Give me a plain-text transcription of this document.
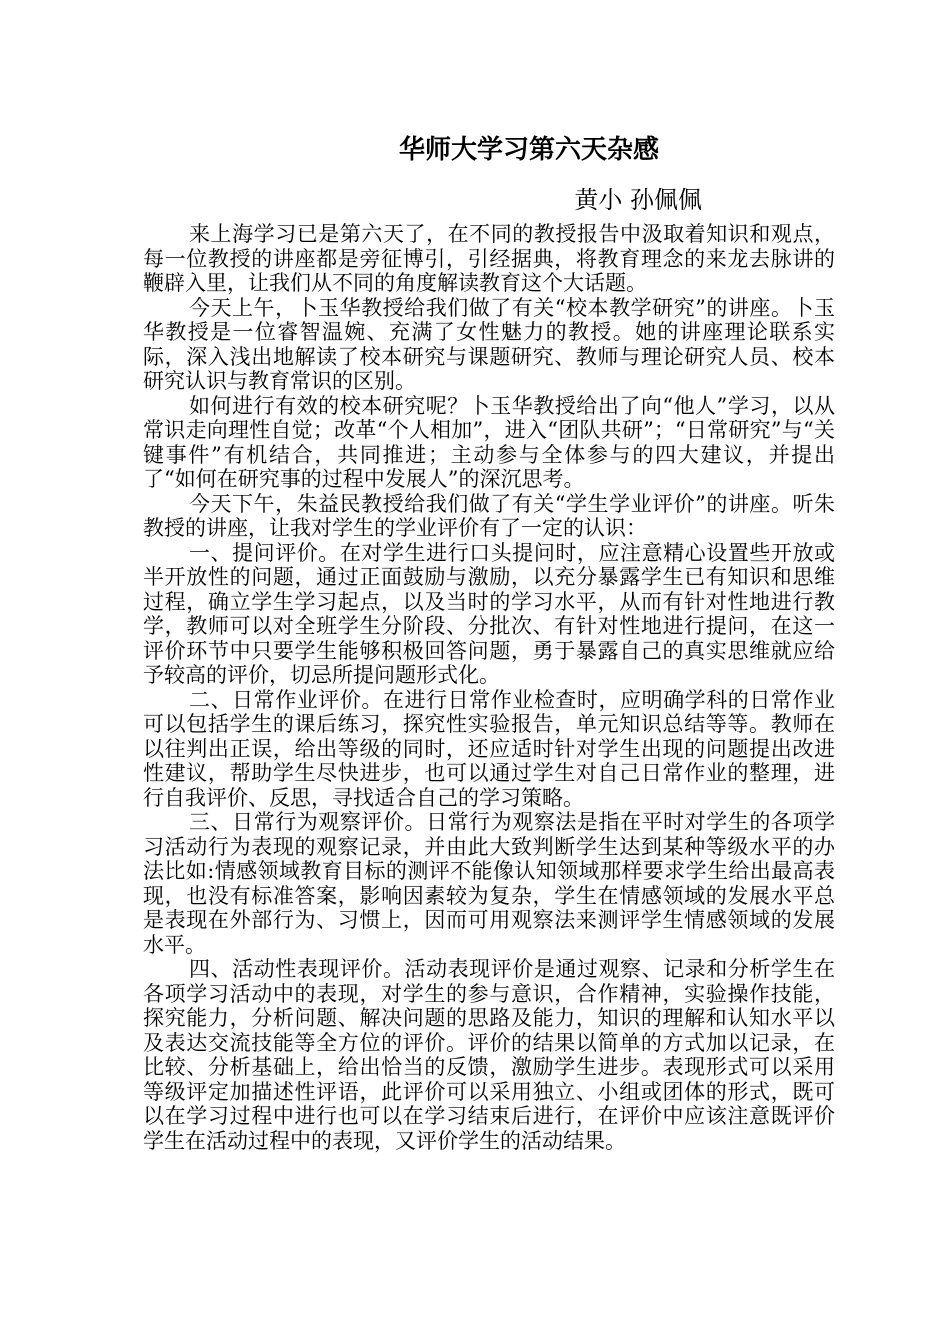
华师大学习第六天杂感
黄小 孙佩佩

来上海学习已是第六天了，在不同的教授报告中汲取着知识和观点，每一位教授的讲座都是旁征博引，引经据典，将教育理念的来龙去脉讲的鞭辟入里，让我们从不同的角度解读教育这个大话题。

今天上午，卜玉华教授给我们做了有关“校本教学研究”的讲座。卜玉华教授是一位睿智温婉、充满了女性魅力的教授。她的讲座理论联系实际，深入浅出地解读了校本研究与课题研究、教师与理论研究人员、校本研究认识与教育常识的区别。

如何进行有效的校本研究呢？卜玉华教授给出了向“他人”学习，以从常识走向理性自觉；改革“个人相加”，进入“团队共研”；“日常研究”与“关键事件”有机结合，共同推进；主动参与全体参与的四大建议，并提出了“如何在研究事的过程中发展人”的深沉思考。

今天下午，朱益民教授给我们做了有关“学生学业评价”的讲座。听朱教授的讲座，让我对学生的学业评价有了一定的认识：

一、提问评价。在对学生进行口头提问时，应注意精心设置些开放或半开放性的问题，通过正面鼓励与激励，以充分暴露学生已有知识和思维过程，确立学生学习起点，以及当时的学习水平，从而有针对性地进行教学，教师可以对全班学生分阶段、分批次、有针对性地进行提问，在这一评价环节中只要学生能够积极回答问题，勇于暴露自己的真实思维就应给予较高的评价，切忌所提问题形式化。

二、日常作业评价。在进行日常作业检查时，应明确学科的日常作业可以包括学生的课后练习，探究性实验报告，单元知识总结等等。教师在以往判出正误，给出等级的同时，还应适时针对学生出现的问题提出改进性建议，帮助学生尽快进步，也可以通过学生对自己日常作业的整理，进行自我评价、反思，寻找适合自己的学习策略。

三、日常行为观察评价。日常行为观察法是指在平时对学生的各项学习活动行为表现的观察记录，并由此大致判断学生达到某种等级水平的办法比如:情感领域教育目标的测评不能像认知领域那样要求学生给出最高表现，也没有标准答案，影响因素较为复杂，学生在情感领域的发展水平总是表现在外部行为、习惯上，因而可用观察法来测评学生情感领域的发展水平。

四、活动性表现评价。活动表现评价是通过观察、记录和分析学生在各项学习活动中的表现，对学生的参与意识，合作精神，实验操作技能，探究能力，分析问题、解决问题的思路及能力，知识的理解和认知水平以及表达交流技能等全方位的评价。评价的结果以简单的方式加以记录，在比较、分析基础上，给出恰当的反馈，激励学生进步。表现形式可以采用等级评定加描述性评语，此评价可以采用独立、小组或团体的形式，既可以在学习过程中进行也可以在学习结束后进行，在评价中应该注意既评价学生在活动过程中的表现，又评价学生的活动结果。
